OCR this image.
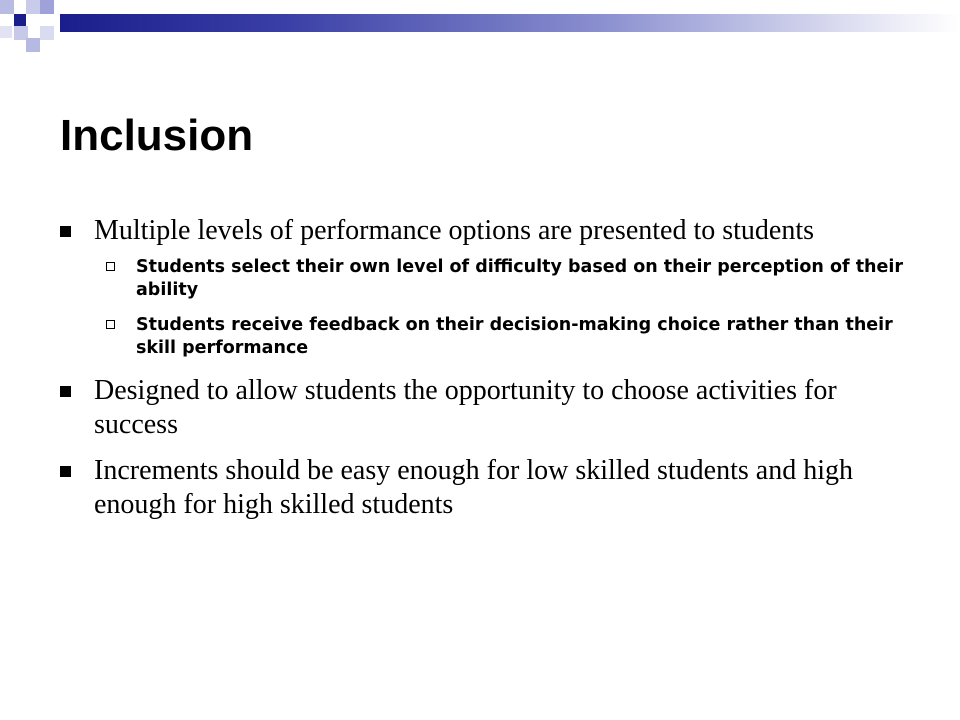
Inclusion
Multiple levels of performance options are presented to students
Students select their own level of difficulty based on their perception of their ability
Students receive feedback on their decision-making choice rather than their skill performance
Designed to allow students the opportunity to choose activities for success
Increments should be easy enough for low skilled students and high enough for high skilled students
